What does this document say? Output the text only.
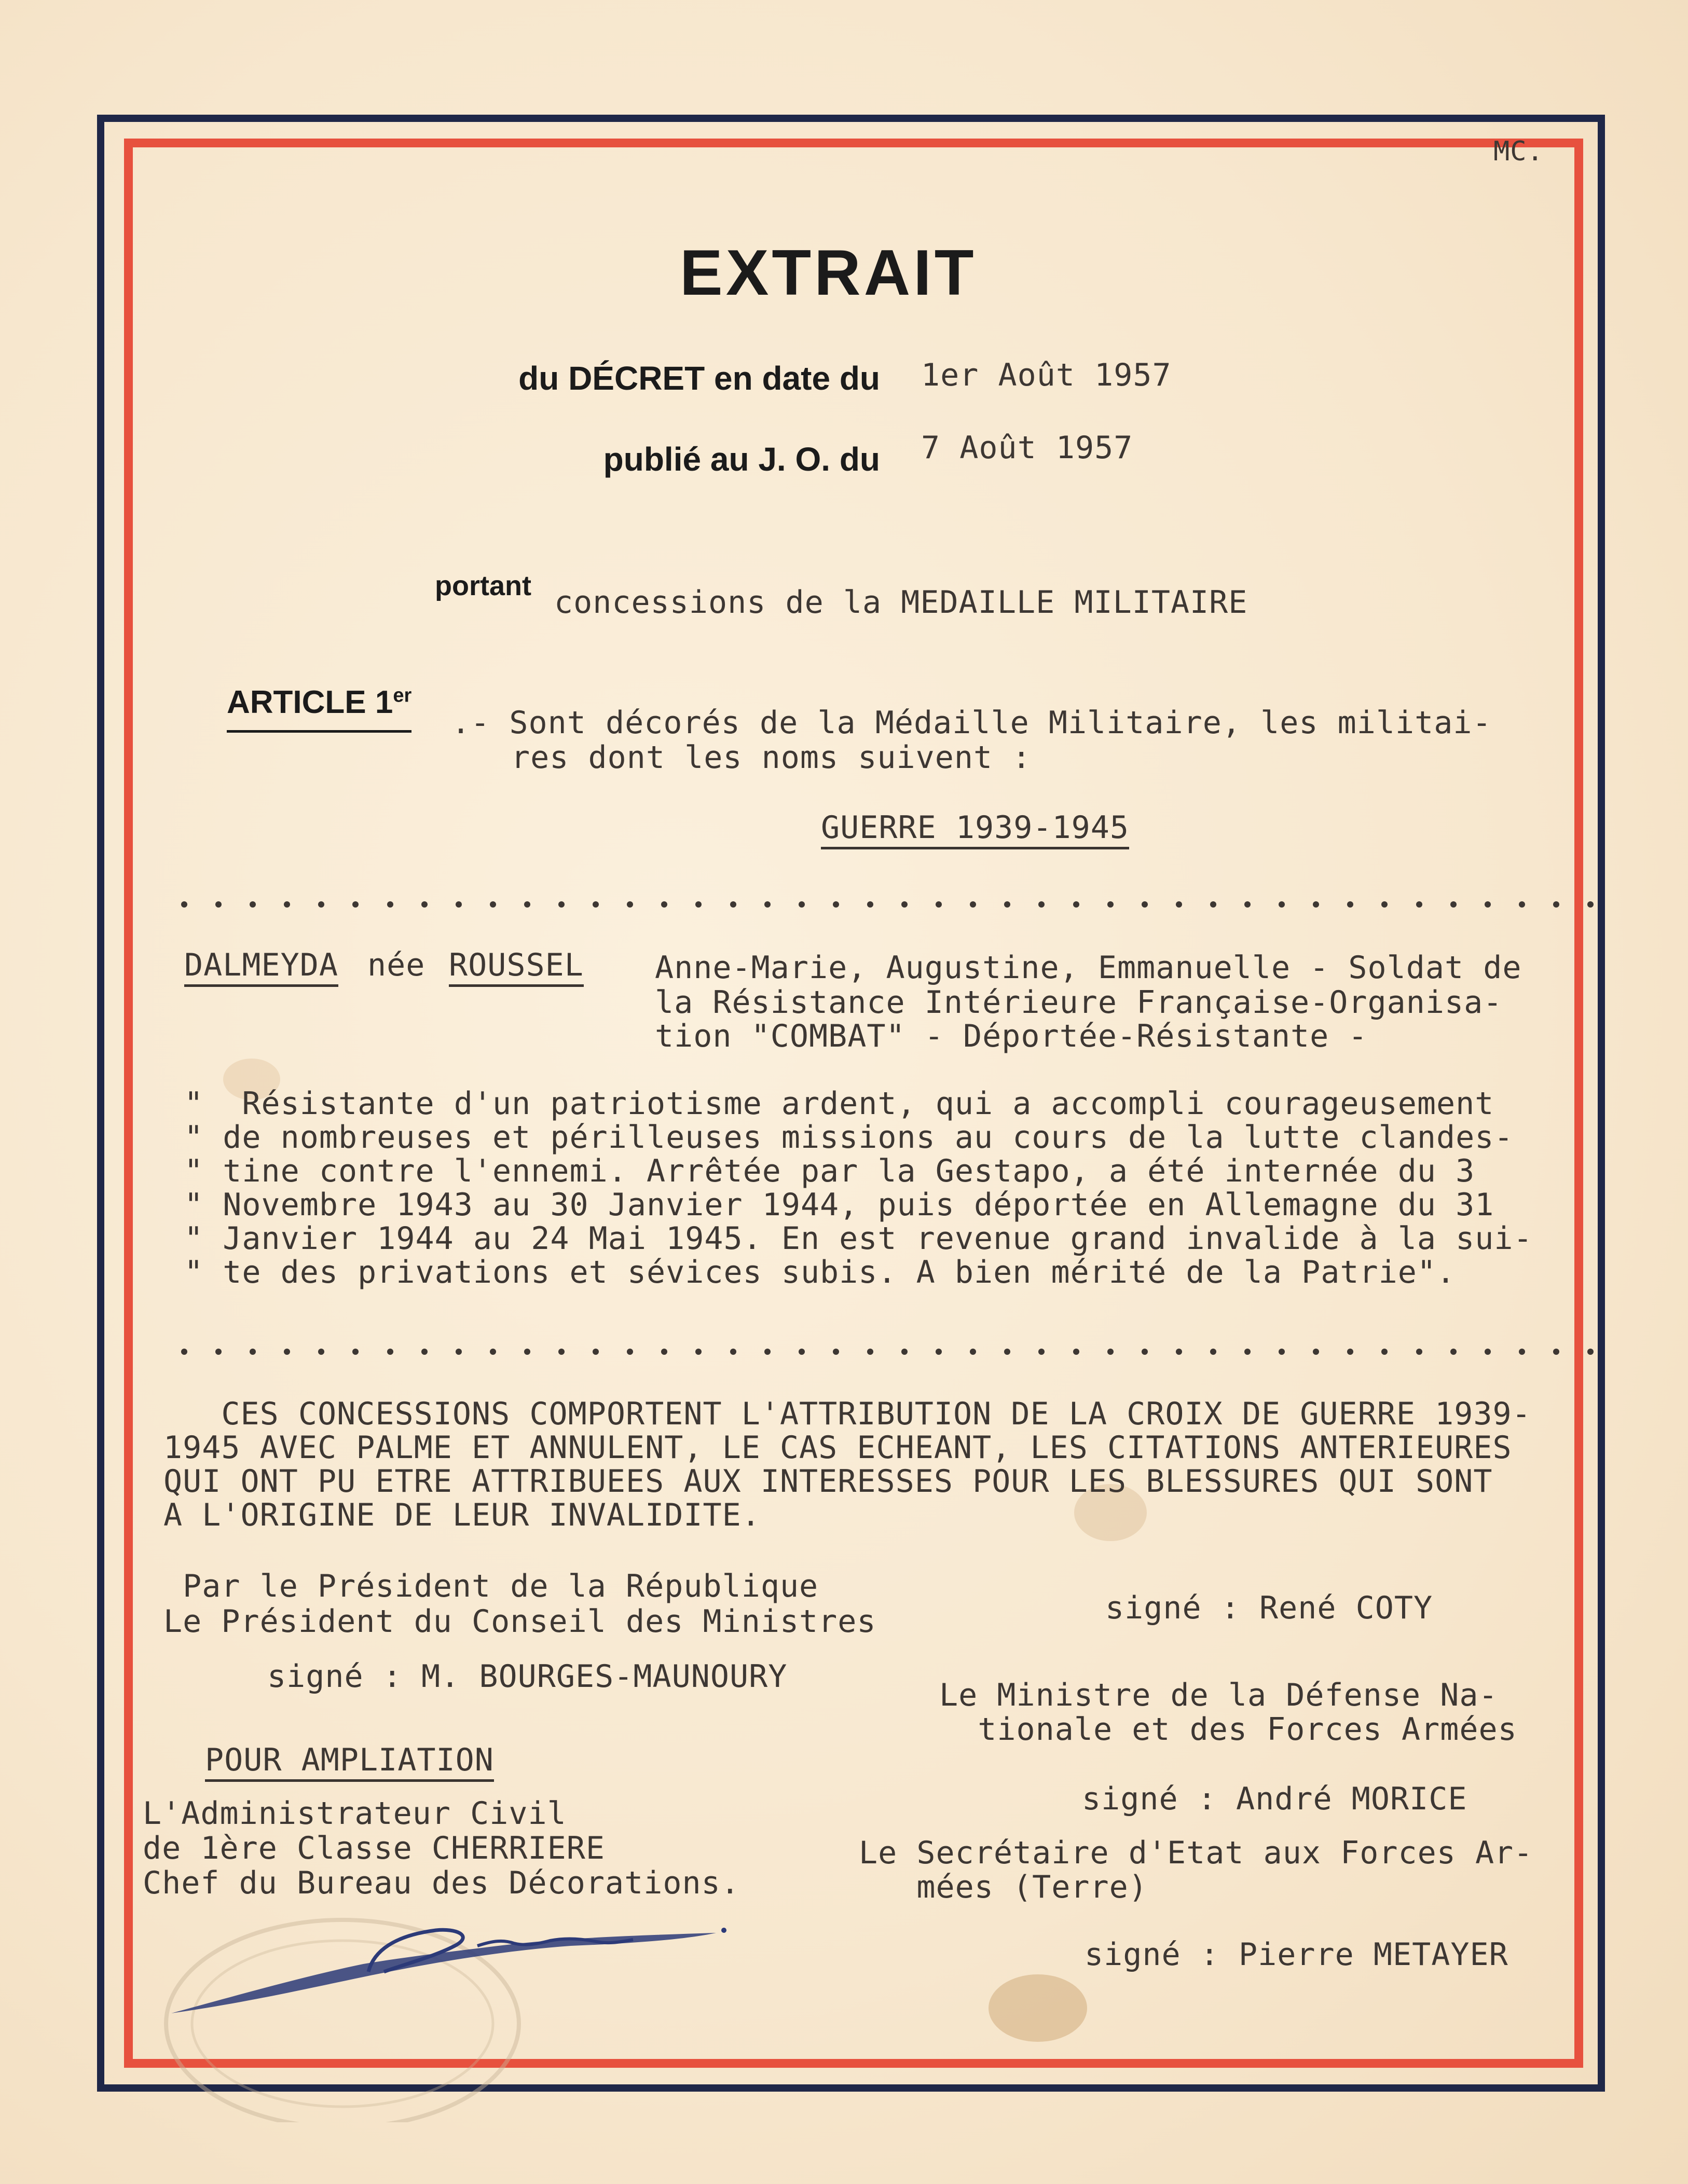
MC.
EXTRAIT
du DÉCRET en date du 1er Août 1957
publié au J. O. du 7 Août 1957
portant concessions de la MEDAILLE MILITAIRE
ARTICLE 1er
.- Sont décorés de la Médaille Militaire, les militai-
res dont les noms suivent :
GUERRE 1939-1945
DALMEYDA née ROUSSEL Anne-Marie, Augustine, Emmanuelle - Soldat de
la Résistance Intérieure Française-Organisa-
tion "COMBAT" - Déportée-Résistante -
"  Résistante d'un patriotisme ardent, qui a accompli courageusement
" de nombreuses et périlleuses missions au cours de la lutte clandes-
" tine contre l'ennemi. Arrêtée par la Gestapo, a été internée du 3
" Novembre 1943 au 30 Janvier 1944, puis déportée en Allemagne du 31
" Janvier 1944 au 24 Mai 1945. En est revenue grand invalide à la sui-
" te des privations et sévices subis. A bien mérité de la Patrie".
CES CONCESSIONS COMPORTENT L'ATTRIBUTION DE LA CROIX DE GUERRE 1939-
1945 AVEC PALME ET ANNULENT, LE CAS ECHEANT, LES CITATIONS ANTERIEURES
QUI ONT PU ETRE ATTRIBUEES AUX INTERESSES POUR LES BLESSURES QUI SONT
A L'ORIGINE DE LEUR INVALIDITE.
Par le Président de la République
Le Président du Conseil des Ministres
signé : M. BOURGES-MAUNOURY
POUR AMPLIATION
L'Administrateur Civil
de 1ère Classe CHERRIERE
Chef du Bureau des Décorations.
signé : René COTY
Le Ministre de la Défense Na-
tionale et des Forces Armées
signé : André MORICE
Le Secrétaire d'Etat aux Forces Ar-
mées (Terre)
signé : Pierre METAYER
